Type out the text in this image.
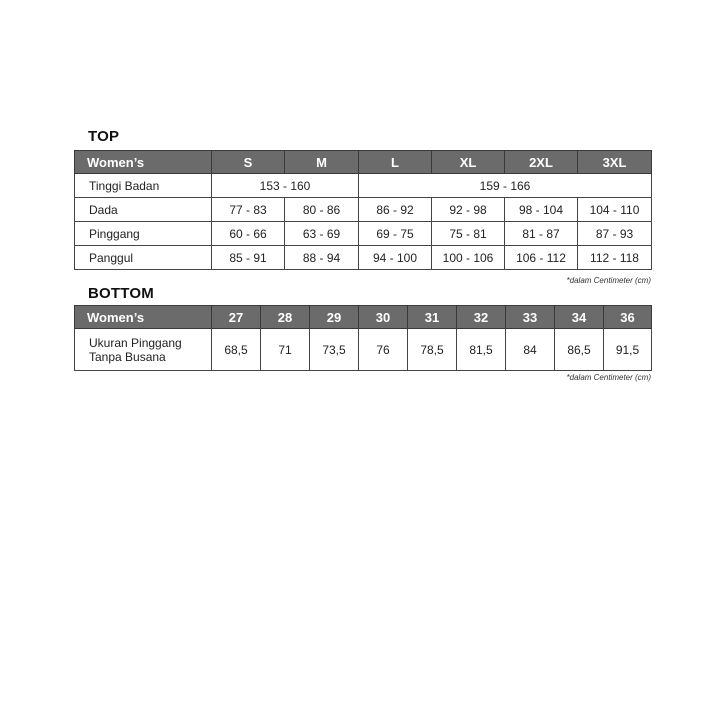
TOP
Women’s	S	M	L	XL	2XL	3XL
Tinggi Badan	153 - 160		159 - 166			
Dada	77 - 83	80 - 86	86 - 92	92 - 98	98 - 104	104 - 110
Pinggang	60 - 66	63 - 69	69 - 75	75 - 81	81 - 87	87 - 93
Panggul	85 - 91	88 - 94	94 - 100	100 - 106	106 - 112	112 - 118
*dalam Centimeter (cm)
BOTTOM
Women’s	27	28	29	30	31	32	33	34	36
Ukuran Pinggang
Tanpa Busana	68,5	71	73,5	76	78,5	81,5	84	86,5	91,5
*dalam Centimeter (cm)
